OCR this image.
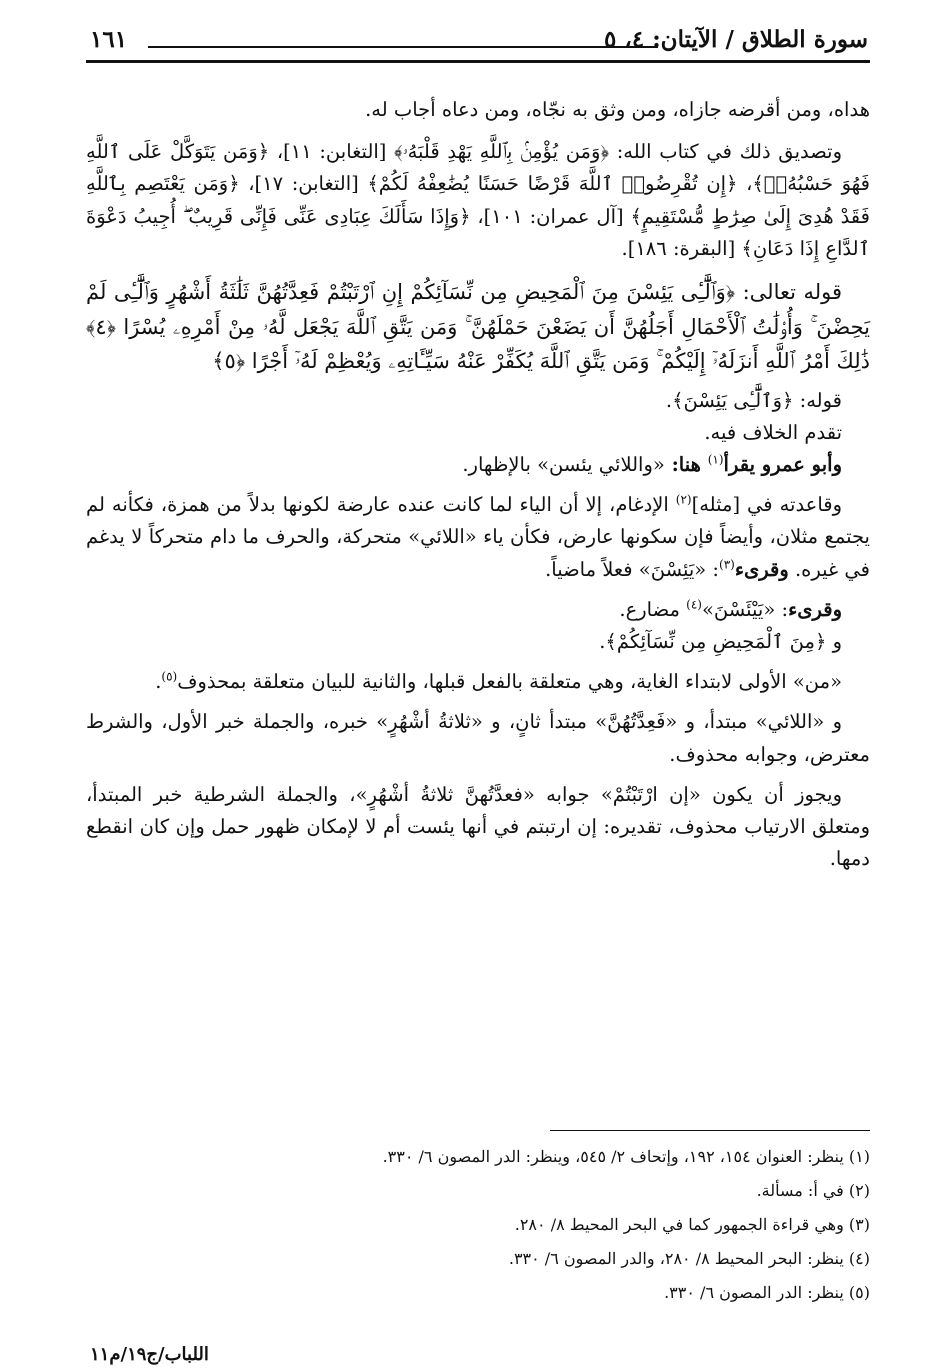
سورة الطلاق / الآيتان: ٤، ٥
١٦١

هداه، ومن أقرضه جازاه، ومن وثق به نجّاه، ومن دعاه أجاب له.

وتصديق ذلك في كتاب الله: ﴿وَمَن يُؤْمِنۢ بِٱللَّهِ يَهْدِ قَلْبَهُۥ﴾ [التغابن: ١١]، ﴿وَمَن يَتَوَكَّلْ عَلَى ٱللَّهِ فَهُوَ حَسْبُهُۥٓ﴾، ﴿إِن تُقْرِضُوا۟ ٱللَّهَ قَرْضًا حَسَنًا يُضَٰعِفْهُ لَكُمْ﴾ [التغابن: ١٧]، ﴿وَمَن يَعْتَصِم بِٱللَّهِ فَقَدْ هُدِىَ إِلَىٰ صِرَٰطٍ مُّسْتَقِيمٍ﴾ [آل عمران: ١٠١]، ﴿وَإِذَا سَأَلَكَ عِبَادِى عَنِّى فَإِنِّى قَرِيبٌ ۖ أُجِيبُ دَعْوَةَ ٱلدَّاعِ إِذَا دَعَانِ﴾ [البقرة: ١٨٦].

قوله تعالى: ﴿وَٱلَّٰٓـِٔى يَئِسْنَ مِنَ ٱلْمَحِيضِ مِن نِّسَآئِكُمْ إِنِ ٱرْتَبْتُمْ فَعِدَّتُهُنَّ ثَلَٰثَةُ أَشْهُرٍ وَٱلَّٰٓـِٔى لَمْ يَحِضْنَ ۚ وَأُو۟لَٰتُ ٱلْأَحْمَالِ أَجَلُهُنَّ أَن يَضَعْنَ حَمْلَهُنَّ ۚ وَمَن يَتَّقِ ٱللَّهَ يَجْعَل لَّهُۥ مِنْ أَمْرِهِۦ يُسْرًا ﴿٤﴾ ذَٰلِكَ أَمْرُ ٱللَّهِ أَنزَلَهُۥٓ إِلَيْكُمْ ۚ وَمَن يَتَّقِ ٱللَّهَ يُكَفِّرْ عَنْهُ سَيِّـَٔاتِهِۦ وَيُعْظِمْ لَهُۥٓ أَجْرًا ﴿٥﴾

قوله: ﴿وَٱلَّٰٓـِٔى يَئِسْنَ﴾.

تقدم الخلاف فيه.

وأبو عمرو يقرأ$^{(١)}$ هنا: «واللائي يئسن» بالإظهار.

وقاعدته في [مثله]$^{(٢)}$ الإدغام، إلا أن الياء لما كانت عنده عارضة لكونها بدلاً من همزة، فكأنه لم يجتمع مثلان، وأيضاً فإن سكونها عارض، فكأن ياء «اللائي» متحركة، والحرف ما دام متحركاً لا يدغم في غيره. وقرىء$^{(٣)}$: «يَئِسْنَ» فعلاً ماضياً.

وقرىء: «يَيْئَسْنَ»$^{(٤)}$ مضارع.

و ﴿مِنَ ٱلْمَحِيضِ مِن نِّسَآئِكُمْ﴾.

«من» الأولى لابتداء الغاية، وهي متعلقة بالفعل قبلها، والثانية للبيان متعلقة بمحذوف$^{(٥)}$.

و «اللائي» مبتدأ، و «فَعِدَّتُهُنَّ» مبتدأ ثانٍ، و «ثلاثةُ أشْهُرٍ» خبره، والجملة خبر الأول، والشرط معترض، وجوابه محذوف.

ويجوز أن يكون «إن ارْتَبْتُمْ» جوابه «فعدَّتُهنَّ ثلاثةُ أشْهُرٍ»، والجملة الشرطية خبر المبتدأ، ومتعلق الارتياب محذوف، تقديره: إن ارتبتم في أنها يئست أم لا لإمكان ظهور حمل وإن كان انقطع دمها.

(١) ينظر: العنوان ١٥٤، ١٩٢، وإتحاف ٢/ ٥٤٥، وينظر: الدر المصون ٦/ ٣٣٠.
(٢) في أ: مسألة.
(٣) وهي قراءة الجمهور كما في البحر المحيط ٨/ ٢٨٠.
(٤) ينظر: البحر المحيط ٨/ ٢٨٠، والدر المصون ٦/ ٣٣٠.
(٥) ينظر: الدر المصون ٦/ ٣٣٠.
اللباب/ج١٩/م١١
